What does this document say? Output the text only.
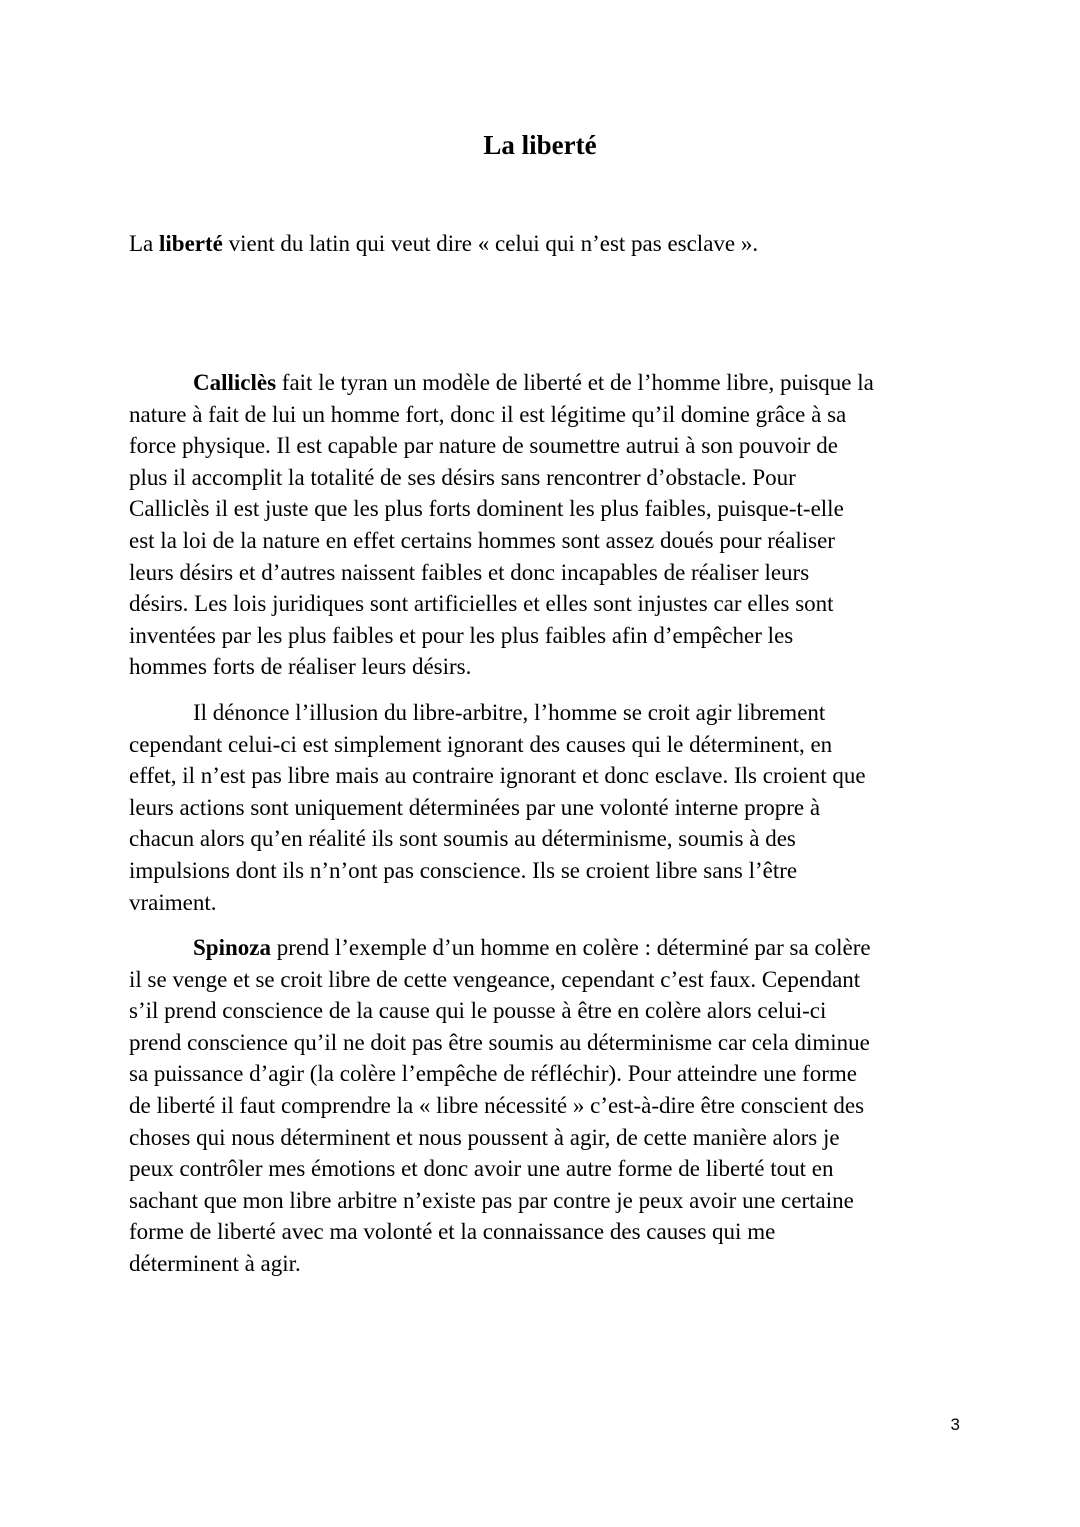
La liberté

La liberté vient du latin qui veut dire « celui qui n’est pas esclave ».

Calliclès fait le tyran un modèle de liberté et de l’homme libre, puisque la
nature à fait de lui un homme fort, donc il est légitime qu’il domine grâce à sa
force physique. Il est capable par nature de soumettre autrui à son pouvoir de
plus il accomplit la totalité de ses désirs sans rencontrer d’obstacle. Pour
Calliclès il est juste que les plus forts dominent les plus faibles, puisque-t-elle
est la loi de la nature en effet certains hommes sont assez doués pour réaliser
leurs désirs et d’autres naissent faibles et donc incapables de réaliser leurs
désirs. Les lois juridiques sont artificielles et elles sont injustes car elles sont
inventées par les plus faibles et pour les plus faibles afin d’empêcher les
hommes forts de réaliser leurs désirs.
Il dénonce l’illusion du libre-arbitre, l’homme se croit agir librement
cependant celui-ci est simplement ignorant des causes qui le déterminent, en
effet, il n’est pas libre mais au contraire ignorant et donc esclave. Ils croient que
leurs actions sont uniquement déterminées par une volonté interne propre à
chacun alors qu’en réalité ils sont soumis au déterminisme, soumis à des
impulsions dont ils n’n’ont pas conscience. Ils se croient libre sans l’être
vraiment.
Spinoza prend l’exemple d’un homme en colère : déterminé par sa colère
il se venge et se croit libre de cette vengeance, cependant c’est faux. Cependant
s’il prend conscience de la cause qui le pousse à être en colère alors celui-ci
prend conscience qu’il ne doit pas être soumis au déterminisme car cela diminue
sa puissance d’agir (la colère l’empêche de réfléchir). Pour atteindre une forme
de liberté il faut comprendre la « libre nécessité » c’est-à-dire être conscient des
choses qui nous déterminent et nous poussent à agir, de cette manière alors je
peux contrôler mes émotions et donc avoir une autre forme de liberté tout en
sachant que mon libre arbitre n’existe pas par contre je peux avoir une certaine
forme de liberté avec ma volonté et la connaissance des causes qui me
déterminent à agir.
3
